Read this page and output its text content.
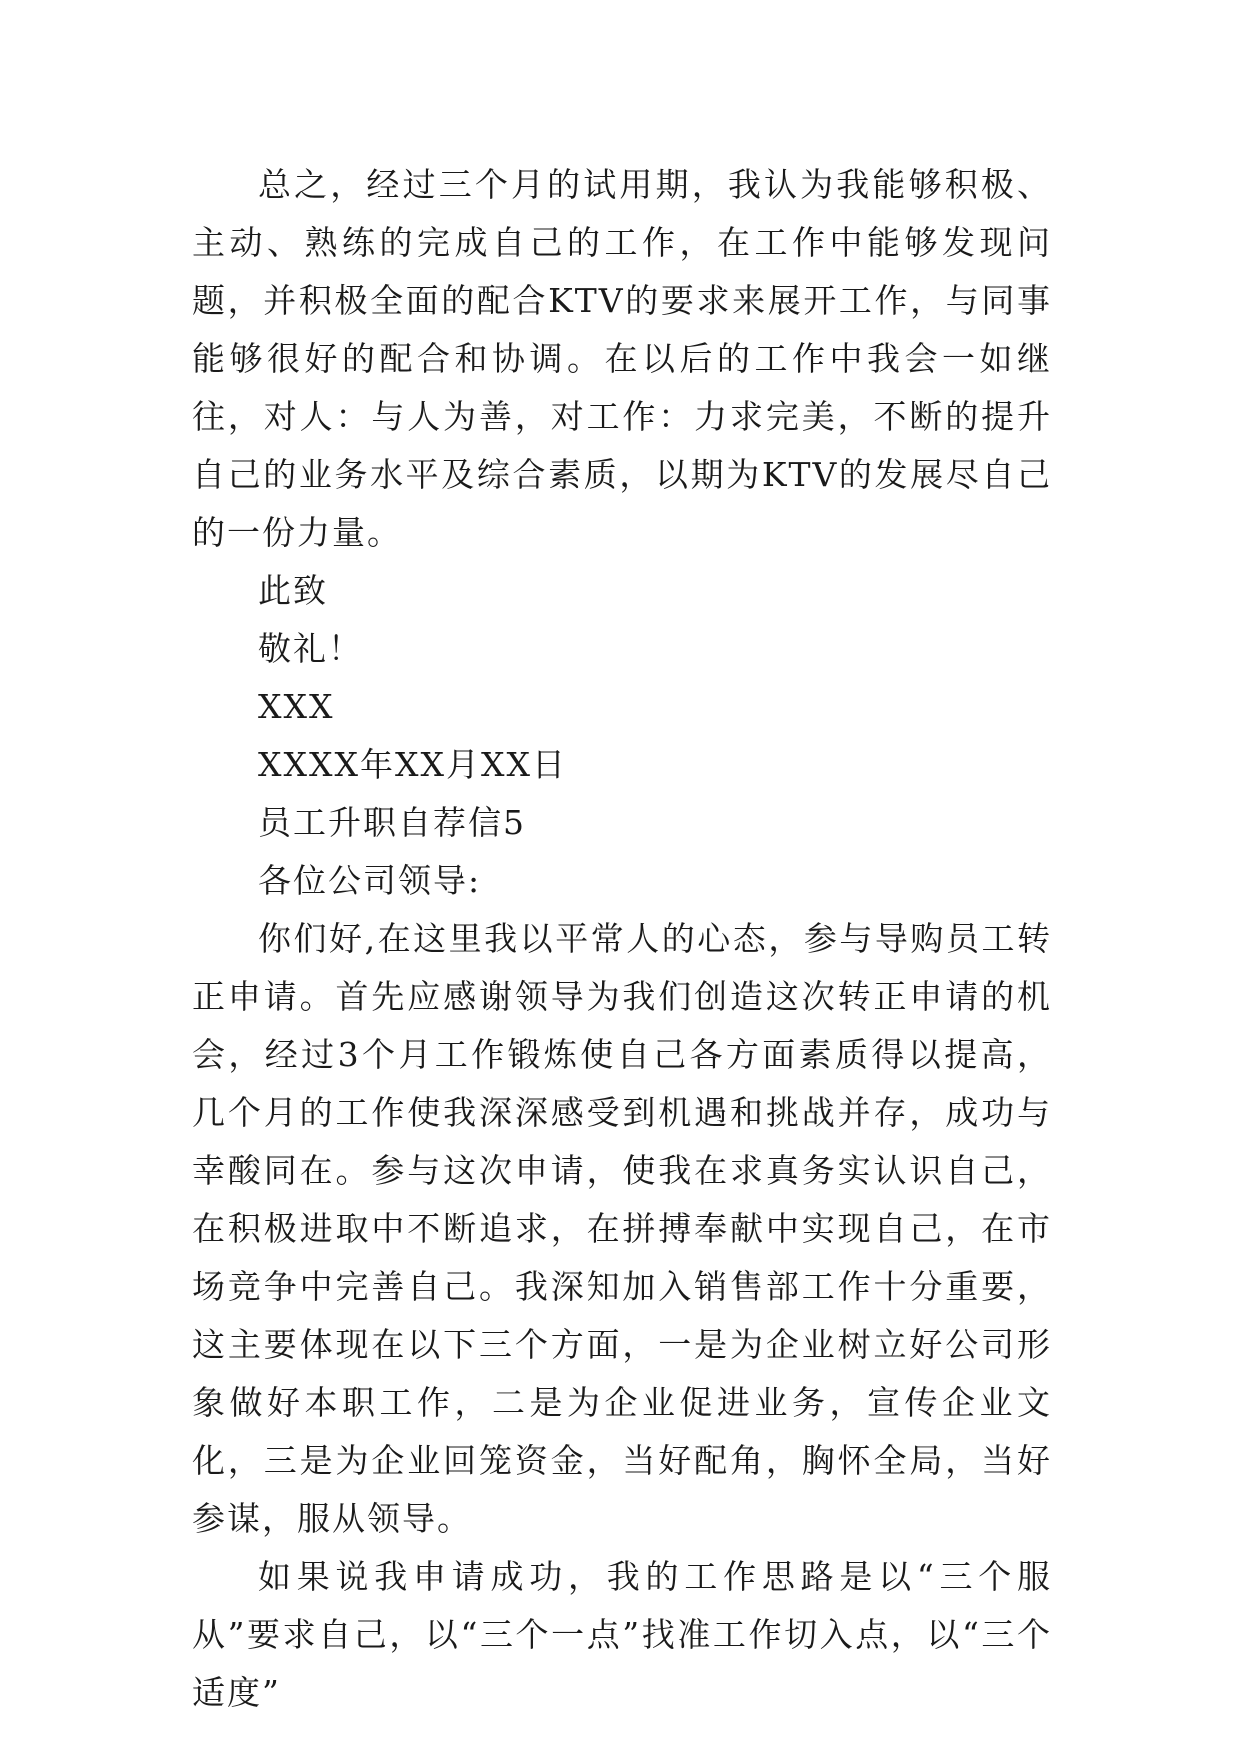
总之，经过三个月的试用期，我认为我能够积极、主动、熟练的完成自己的工作，在工作中能够发现问题，并积极全面的配合KTV的要求来展开工作，与同事能够很好的配合和协调。在以后的工作中我会一如继往，对人：与人为善，对工作：力求完美，不断的提升自己的业务水平及综合素质，以期为KTV的发展尽自己的一份力量。

此致

敬礼！

XXX

XXXX年XX月XX日

员工升职自荐信5

各位公司领导:

你们好,在这里我以平常人的心态，参与导购员工转正申请。首先应感谢领导为我们创造这次转正申请的机会，经过3个月工作锻炼使自己各方面素质得以提高，几个月的工作使我深深感受到机遇和挑战并存，成功与幸酸同在。参与这次申请，使我在求真务实认识自己，在积极进取中不断追求，在拼搏奉献中实现自己，在市场竞争中完善自己。我深知加入销售部工作十分重要，这主要体现在以下三个方面，一是为企业树立好公司形象做好本职工作，二是为企业促进业务，宣传企业文化，三是为企业回笼资金，当好配角，胸怀全局，当好参谋，服从领导。

如果说我申请成功，我的工作思路是以“三个服从”要求自己，以“三个一点”找准工作切入点，以“三个适度”
